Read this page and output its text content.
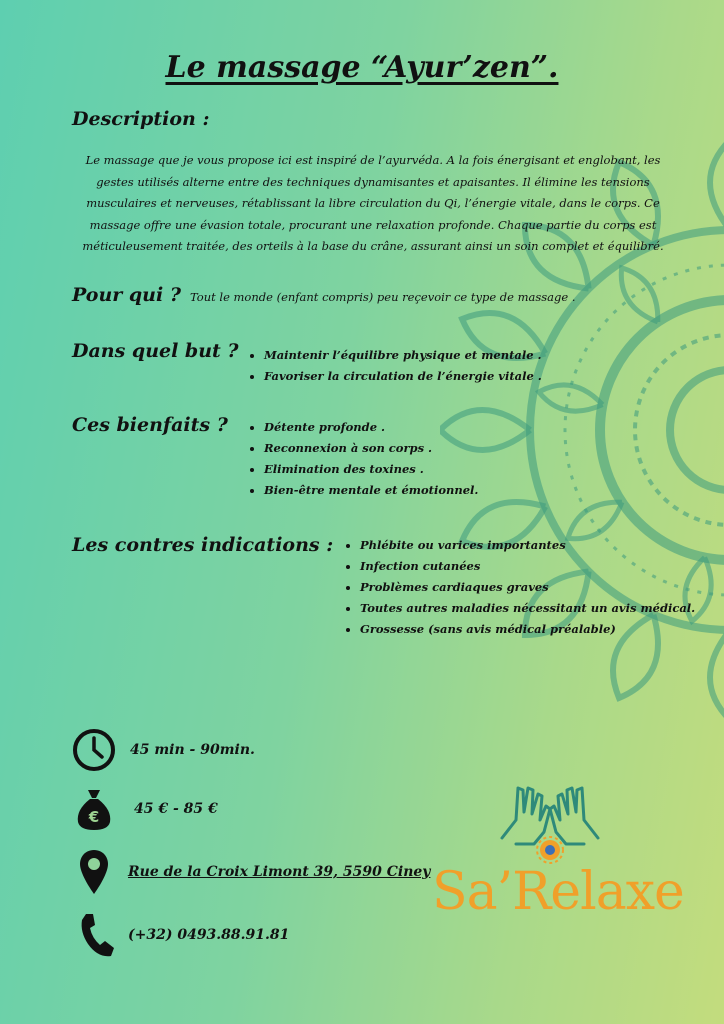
Le massage “Ayur’zen”.
Description :
Le massage que je vous propose ici est inspiré de l’ayurvéda. A la fois énergisant et englobant, les gestes utilisés alterne entre des techniques dynamisantes et apaisantes. Il élimine les tensions musculaires et nerveuses, rétablissant la libre circulation du Qi, l’énergie vitale, dans le corps. Ce massage offre une évasion totale, procurant une relaxation profonde. Chaque partie du corps est méticuleusement traitée, des orteils à la base du crâne, assurant ainsi un soin complet et équilibré.
Pour qui ? Tout le monde (enfant compris) peu reçevoir ce type de massage .
Dans quel but ? • Maintenir l’équilibre physique et mentale .
• Favoriser la circulation de l’énergie vitale .
Ces bienfaits ?	• Détente profonde .
• Reconnexion à son corps .
• Elimination des toxines .
• Bien-être mentale et émotionnel.
Les contres indications : • Phlébite ou varices importantes
• Infection cutanées
• Problèmes cardiaques graves
• Toutes autres maladies nécessitant un avis médical.
• Grossesse (sans avis médical préalable)
45 min - 90min.
€ 45 € - 85 €
Rue de la Croix Limont 39, 5590 Ciney
(+32) 0493.88.91.81
Sa’Relaxe
